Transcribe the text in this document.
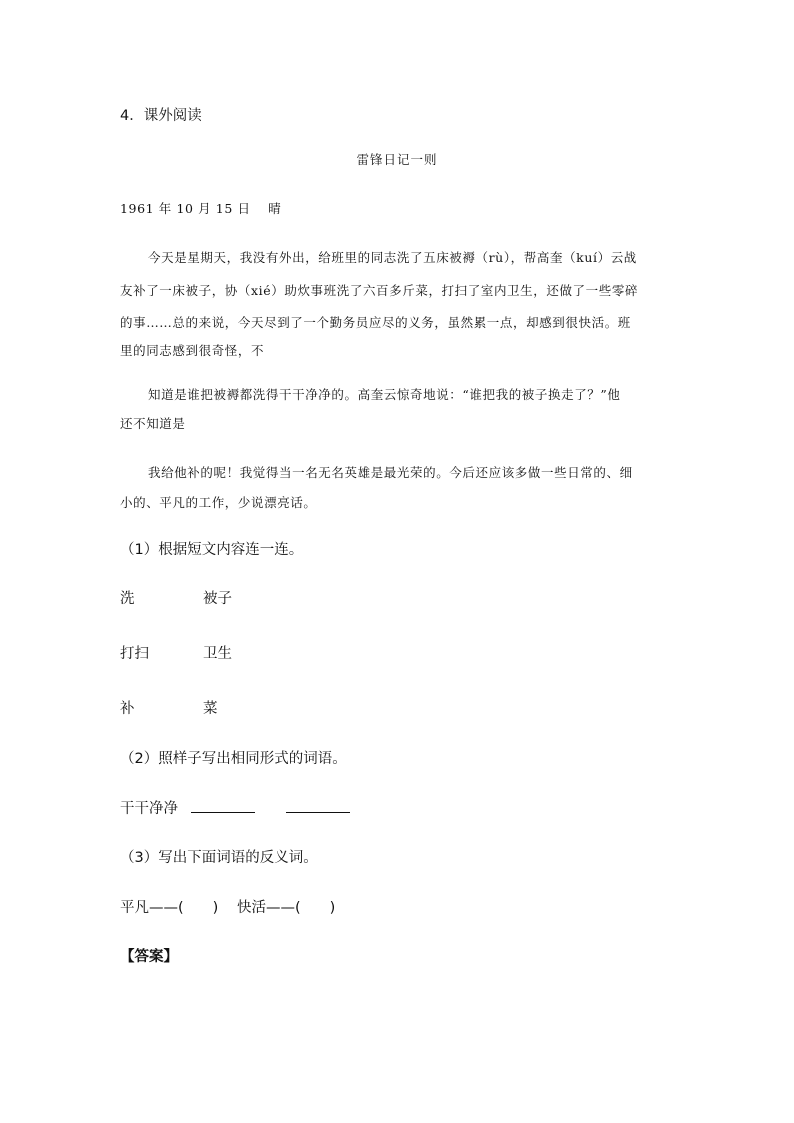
4．课外阅读
雷锋日记一则
1961 年 10 月 15 日　 晴
今天是星期天，我没有外出，给班里的同志洗了五床被褥（rù），帮高奎（kuí）云战
友补了一床被子，协（xié）助炊事班洗了六百多斤菜，打扫了室内卫生，还做了一些零碎
的事……总的来说，今天尽到了一个勤务员应尽的义务，虽然累一点，却感到很快活。班
里的同志感到很奇怪，不
知道是谁把被褥都洗得干干净净的。高奎云惊奇地说：“谁把我的被子换走了？”他
还不知道是
我给他补的呢！我觉得当一名无名英雄是最光荣的。今后还应该多做一些日常的、细
小的、平凡的工作，少说漂亮话。
（1）根据短文内容连一连。
洗	被子
打扫	卫生
补	菜
（2）照样子写出相同形式的词语。
干干净净
（3）写出下面词语的反义词。
平凡——(　　) 快活——(　　)
【答案】
